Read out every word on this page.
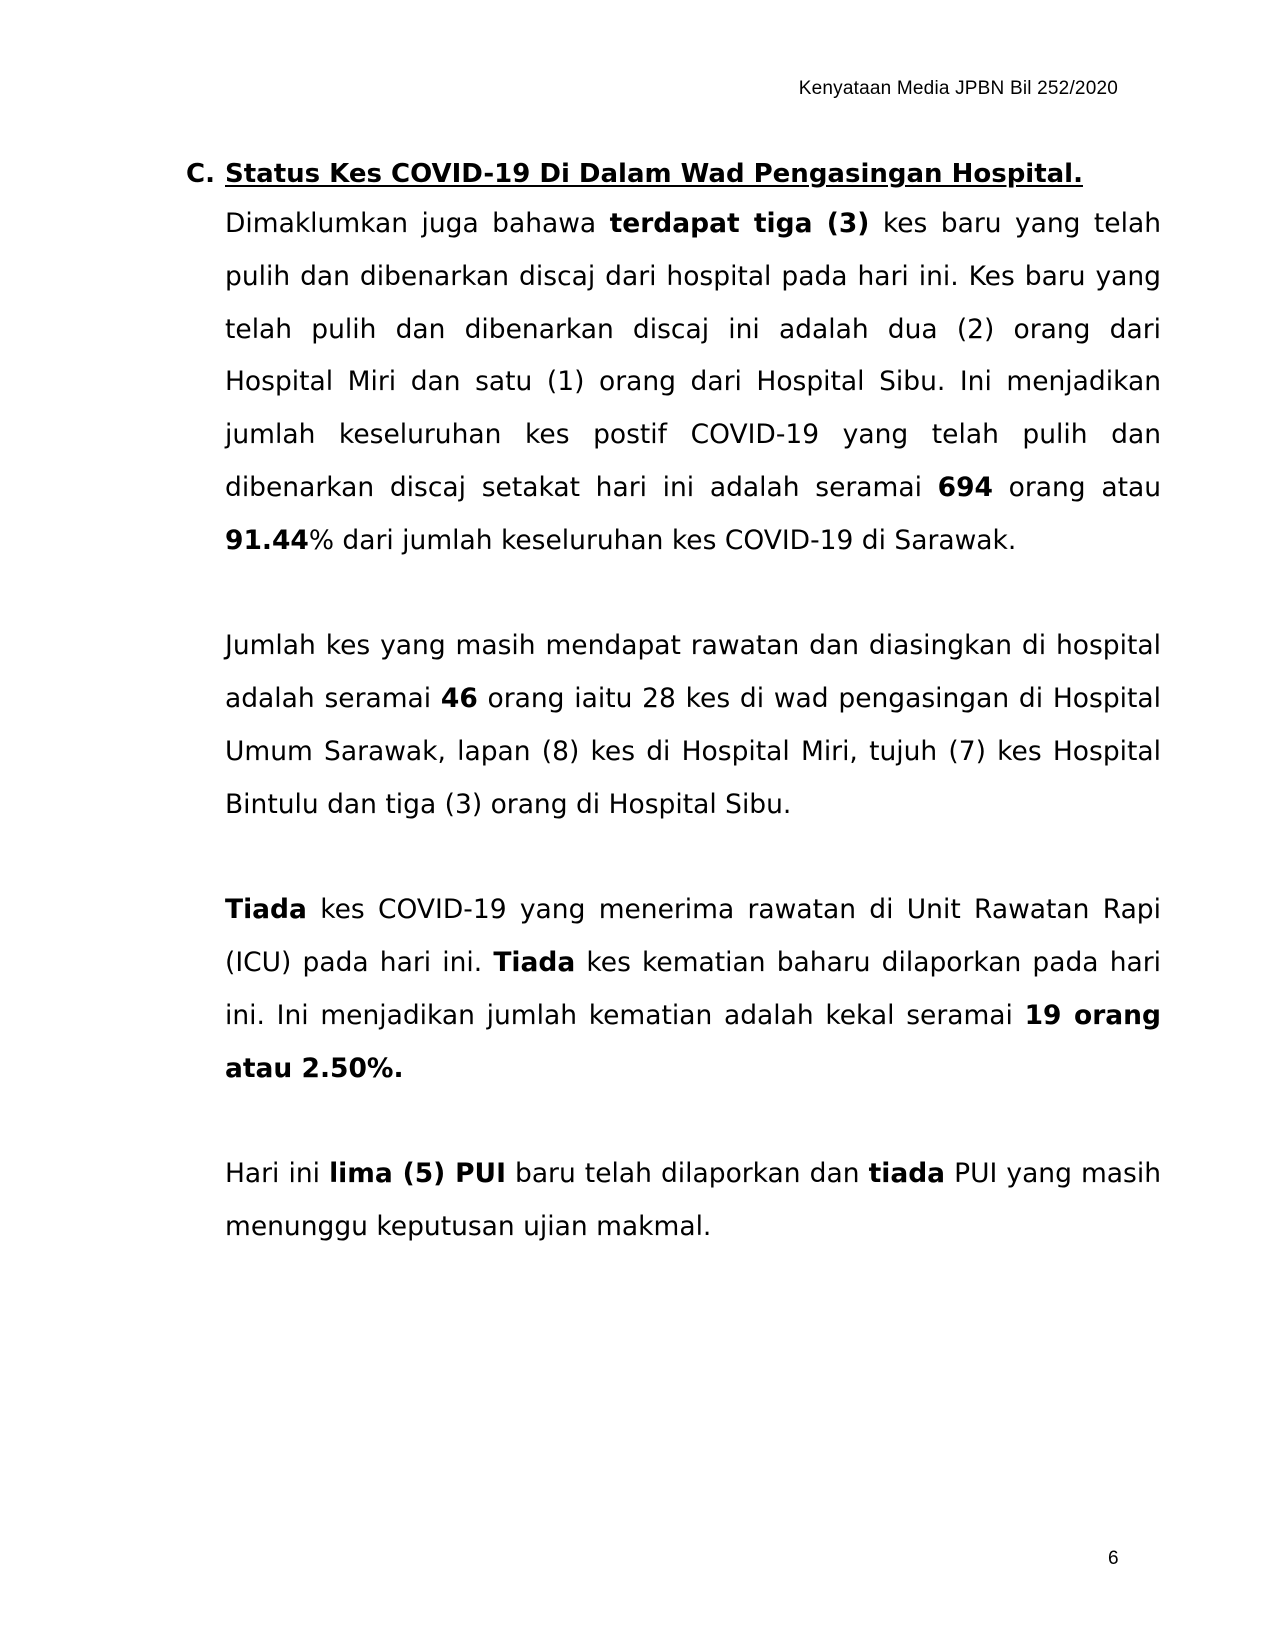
Kenyataan Media JPBN Bil 252/2020
C. Status Kes COVID-19 Di Dalam Wad Pengasingan Hospital.

Dimaklumkan juga bahawa terdapat tiga (3) kes baru yang telah pulih dan dibenarkan discaj dari hospital pada hari ini. Kes baru yang telah pulih dan dibenarkan discaj ini adalah dua (2) orang dari Hospital Miri dan satu (1) orang dari Hospital Sibu. Ini menjadikan jumlah keseluruhan kes postif COVID-19 yang telah pulih dan dibenarkan discaj setakat hari ini adalah seramai 694 orang atau 91.44% dari jumlah keseluruhan kes COVID-19 di Sarawak.

Jumlah kes yang masih mendapat rawatan dan diasingkan di hospital adalah seramai 46 orang iaitu 28 kes di wad pengasingan di Hospital Umum Sarawak, lapan (8) kes di Hospital Miri, tujuh (7) kes Hospital Bintulu dan tiga (3) orang di Hospital Sibu.

Tiada kes COVID-19 yang menerima rawatan di Unit Rawatan Rapi (ICU) pada hari ini. Tiada kes kematian baharu dilaporkan pada hari ini. Ini menjadikan jumlah kematian adalah kekal seramai 19 orang atau 2.50%.

Hari ini lima (5) PUI baru telah dilaporkan dan tiada PUI yang masih menunggu keputusan ujian makmal.

6
